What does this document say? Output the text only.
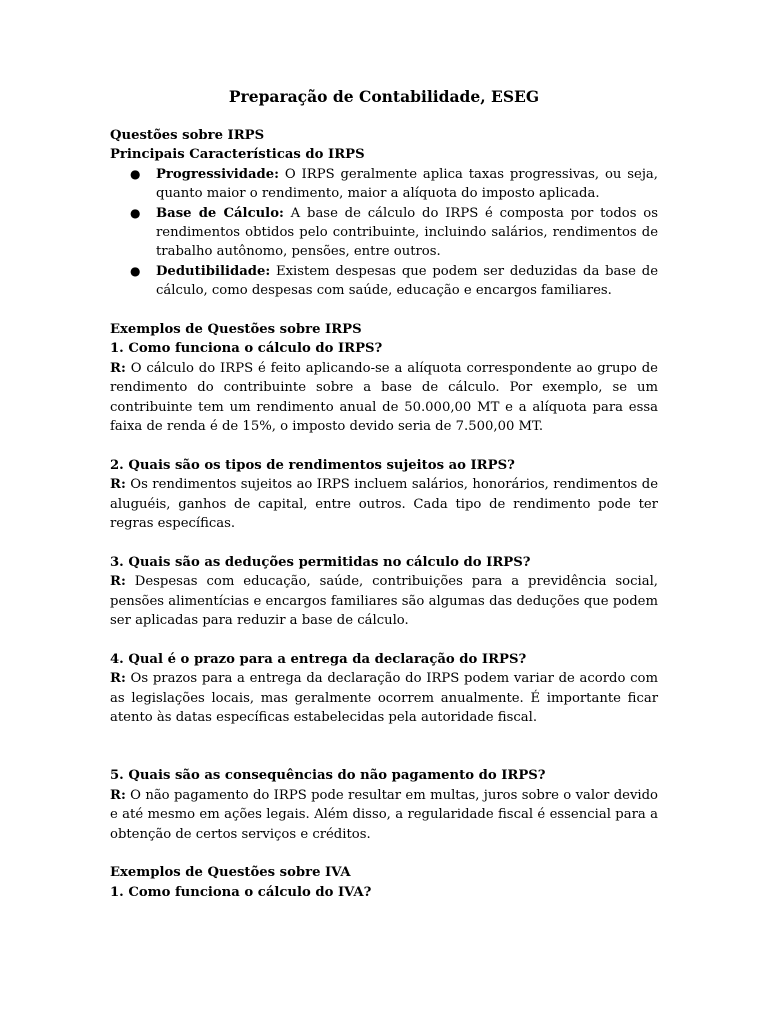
Preparação de Contabilidade, ESEG

Questões sobre IRPS

Principais Características do IRPS

● Progressividade: O IRPS geralmente aplica taxas progressivas, ou seja, quanto maior o rendimento, maior a alíquota do imposto aplicada.
● Base de Cálculo: A base de cálculo do IRPS é composta por todos os rendimentos obtidos pelo contribuinte, incluindo salários, rendimentos de trabalho autônomo, pensões, entre outros.
● Dedutibilidade: Existem despesas que podem ser deduzidas da base de cálculo, como despesas com saúde, educação e encargos familiares.

Exemplos de Questões sobre IRPS

1. Como funciona o cálculo do IRPS?

R: O cálculo do IRPS é feito aplicando-se a alíquota correspondente ao grupo de rendimento do contribuinte sobre a base de cálculo. Por exemplo, se um contribuinte tem um rendimento anual de 50.000,00 MT e a alíquota para essa faixa de renda é de 15%, o imposto devido seria de 7.500,00 MT.

2. Quais são os tipos de rendimentos sujeitos ao IRPS?

R: Os rendimentos sujeitos ao IRPS incluem salários, honorários, rendimentos de aluguéis, ganhos de capital, entre outros. Cada tipo de rendimento pode ter regras específicas.

3. Quais são as deduções permitidas no cálculo do IRPS?

R: Despesas com educação, saúde, contribuições para a previdência social, pensões alimentícias e encargos familiares são algumas das deduções que podem ser aplicadas para reduzir a base de cálculo.

4. Qual é o prazo para a entrega da declaração do IRPS?

R: Os prazos para a entrega da declaração do IRPS podem variar de acordo com as legislações locais, mas geralmente ocorrem anualmente. É importante ficar atento às datas específicas estabelecidas pela autoridade fiscal.

5. Quais são as consequências do não pagamento do IRPS?

R: O não pagamento do IRPS pode resultar em multas, juros sobre o valor devido e até mesmo em ações legais. Além disso, a regularidade fiscal é essencial para a obtenção de certos serviços e créditos.

Exemplos de Questões sobre IVA

1. Como funciona o cálculo do IVA?
